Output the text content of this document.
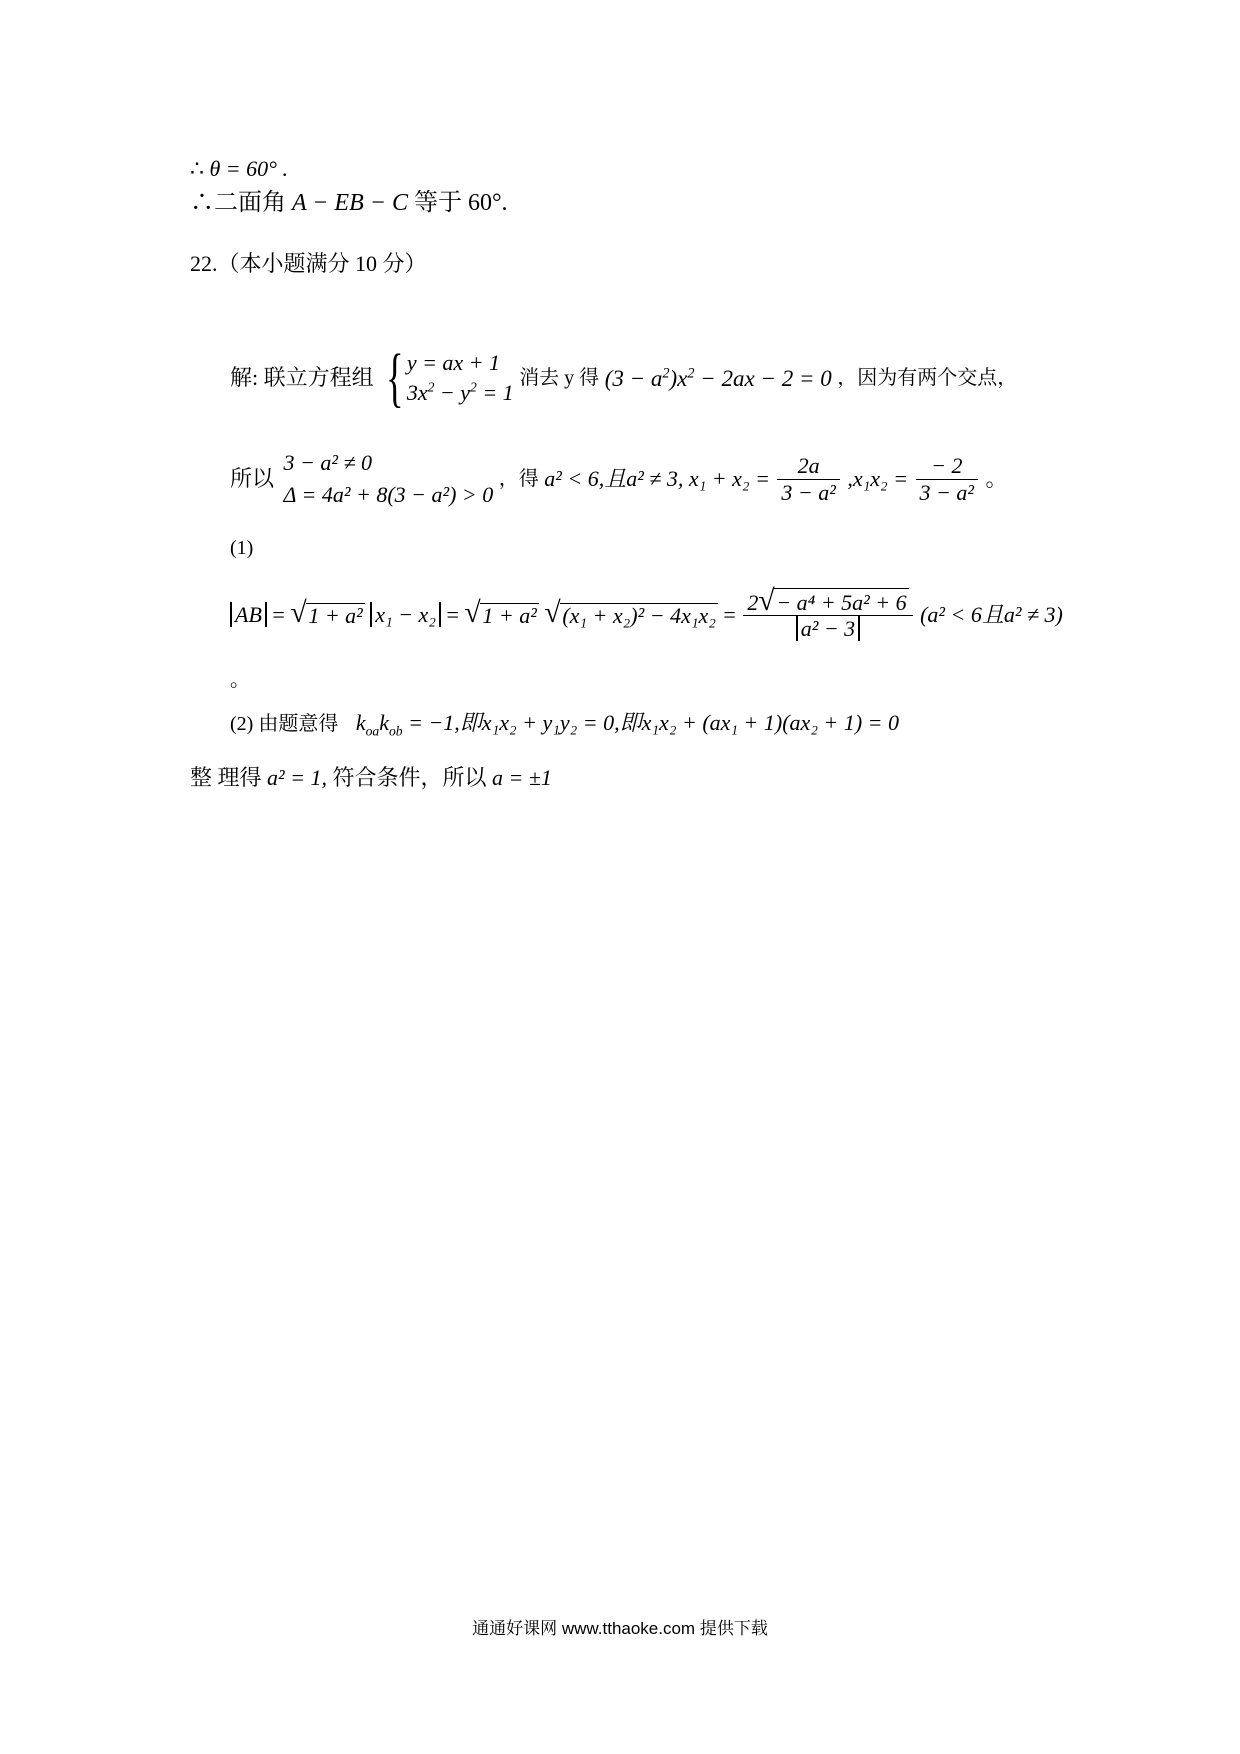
∴ θ = 60° .
∴二面角 A − EB − C 等于 60°.
22.（本小题满分 10 分）
解: 联立方程组 { y = ax + 1
$3x^2 - y^2 = 1$
消去 y 得 $(3 - a^2)x^2 - 2ax - 2 = 0$ ，因为有两个交点，
所以
3 − a² ≠ 0
Δ = 4a² + 8(3 − a²) > 0
，得 a² < 6,且a² ≠ 3, $x_1 + x_2 = \frac{2a}{\text{3 − a²}} ,x_1x_2 = \frac{- 2}{\text{3 − a²}}$ 。
(1)
AB = √ 1 + a² x₁ − x₂ = √ 1 + a² √ $(x_1 + x_2)^2 - 4x_1x_2 = \frac{\text{2 √ − a⁴ + 5a² + 6}}{\text{a² − 3}} (a^2 < 6$且a² ≠ 3)
。
(2) 由题意得 $k_{oa}k_{ob} = -1$,即x₁x₂ + y₁y₂ = 0,即x₁x₂ + (ax₁ + 1)(ax₂ + 1) = 0
整 理得 a² = 1, 符合条件，所以 a = ±1
通通好课网 www.tthaoke.com 提供下载
